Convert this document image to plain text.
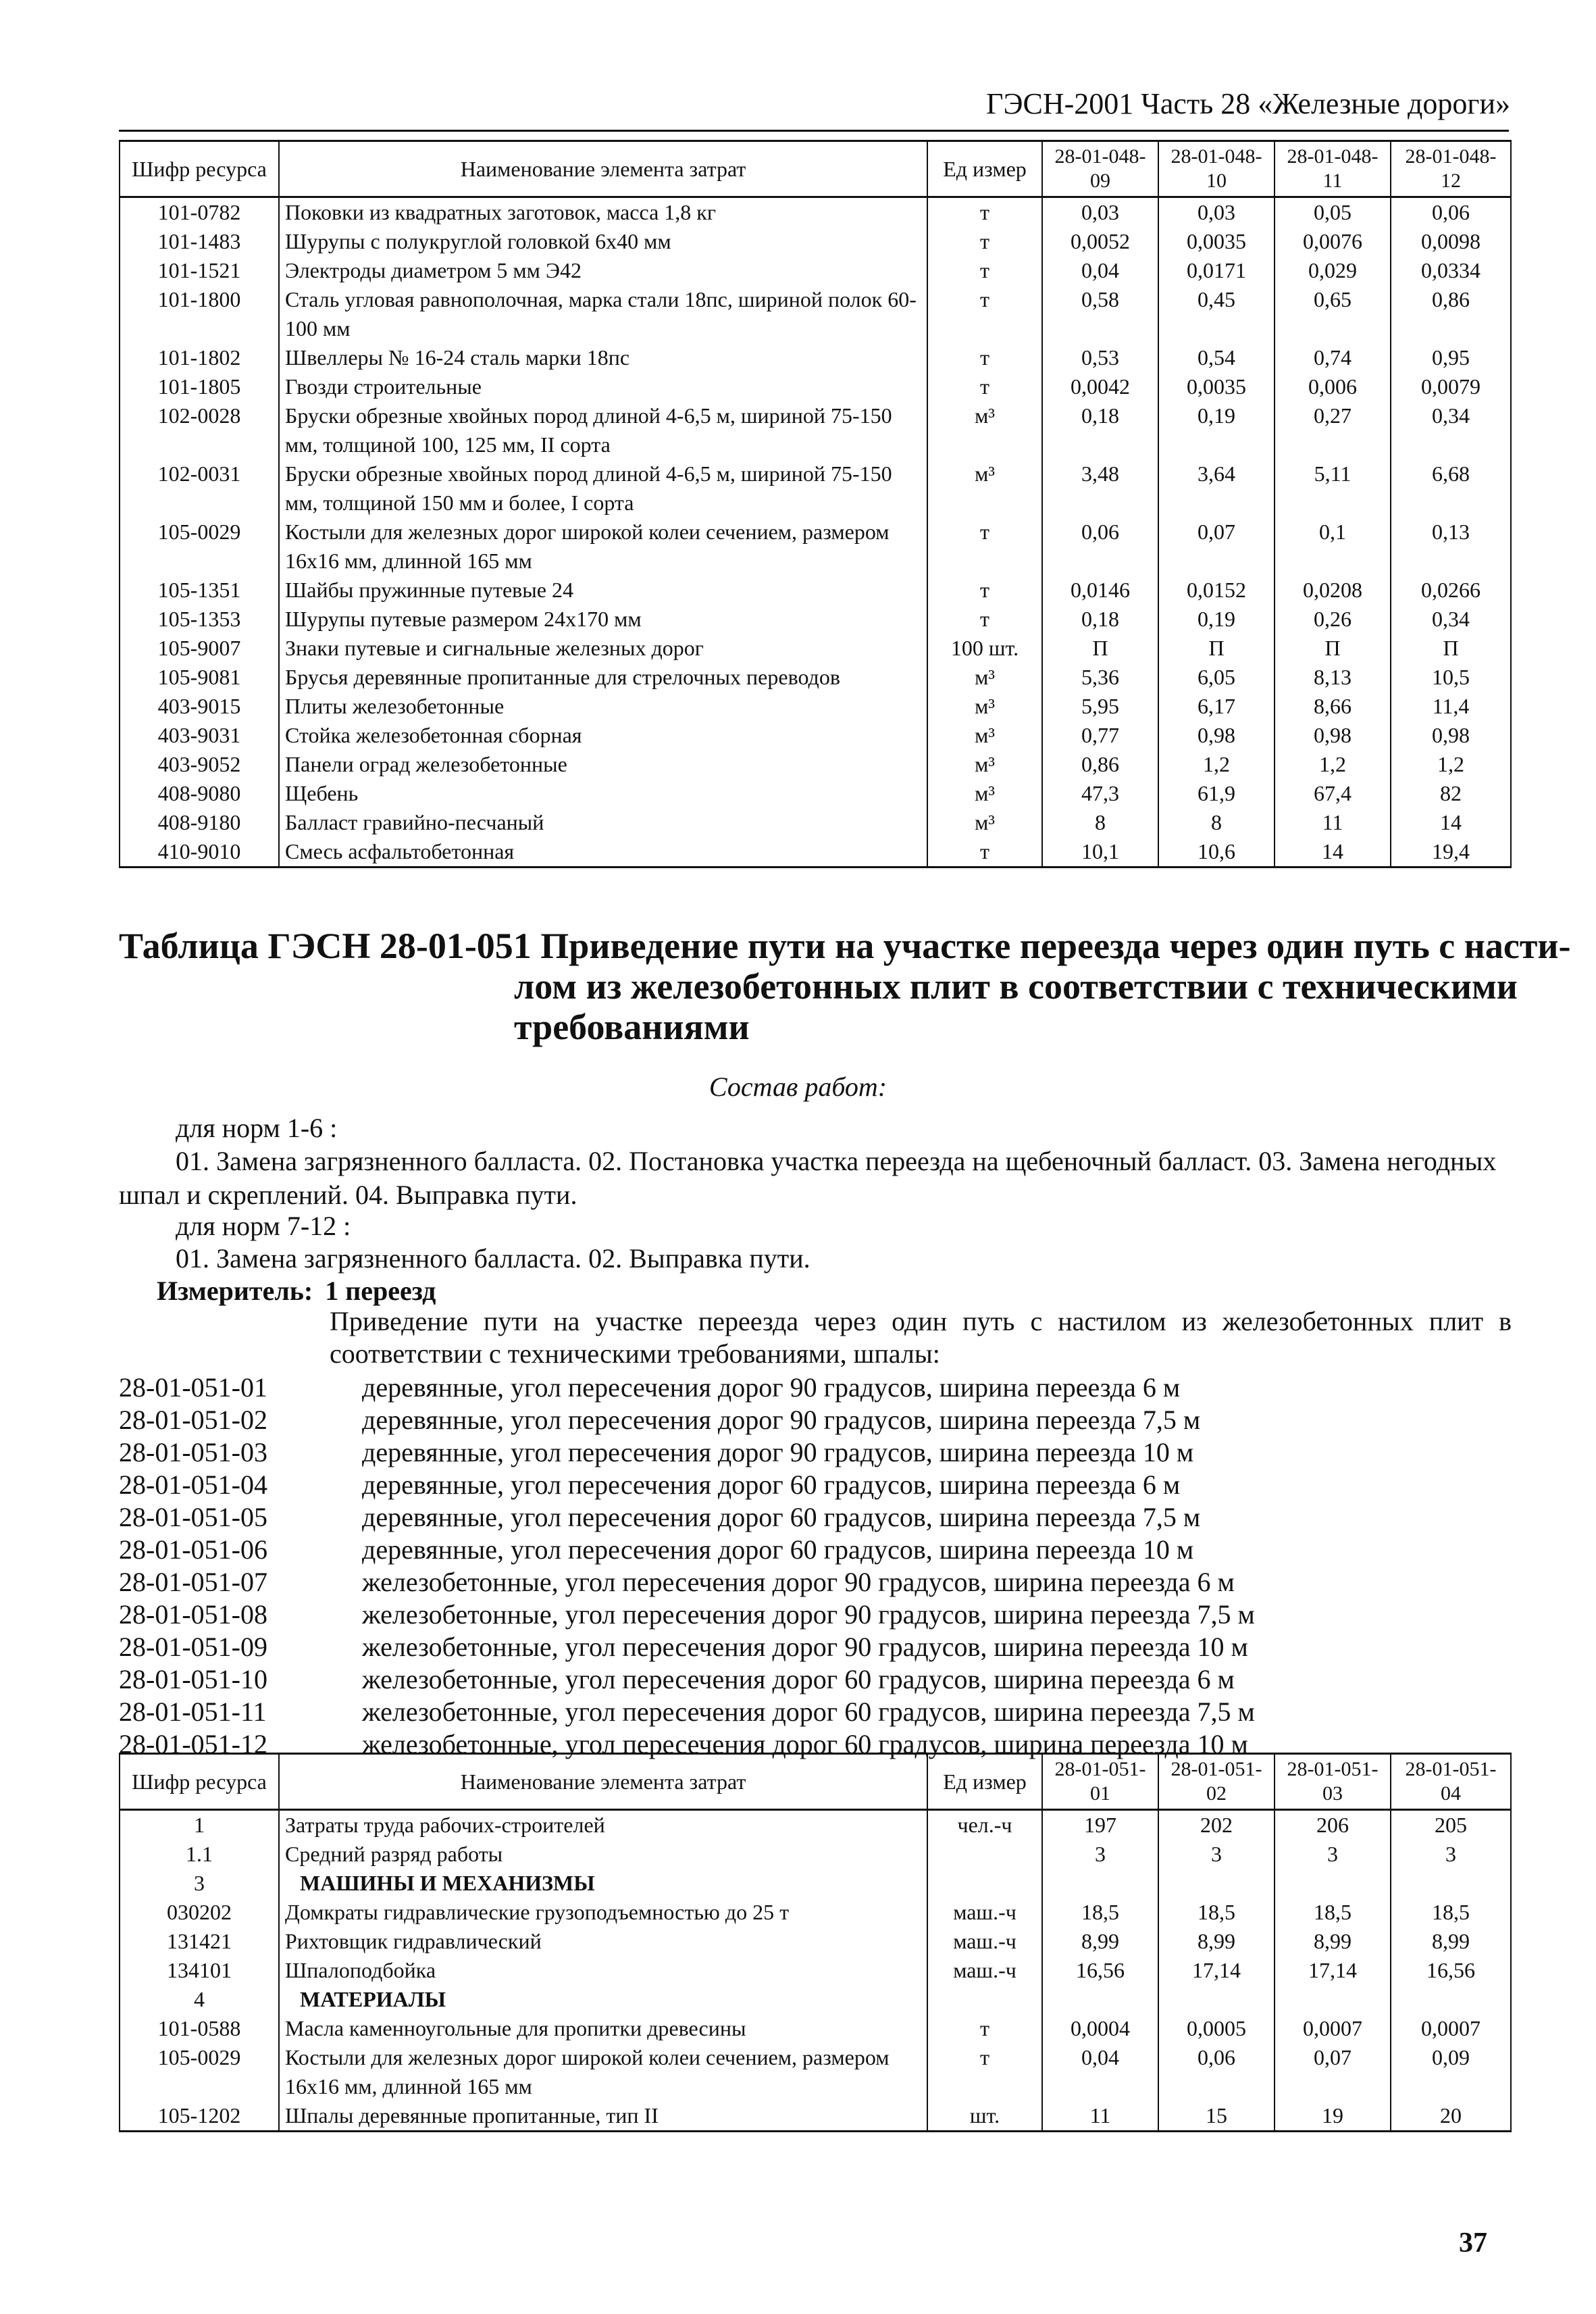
ГЭСН-2001 Часть 28 «Железные дороги»
Шифр ресурса	Наименование элемента затрат	Ед измер	28-01-048-09	28-01-048-10	28-01-048-11	28-01-048-12
101-0782	Поковки из квадратных заготовок, масса 1,8 кг	т	0,03	0,03	0,05	0,06
101-1483	Шурупы с полукруглой головкой 6х40 мм	т	0,0052	0,0035	0,0076	0,0098
101-1521	Электроды диаметром 5 мм Э42	т	0,04	0,0171	0,029	0,0334
101-1800	Сталь угловая равнополочная, марка стали 18пс, шириной полок 60-100 мм	т	0,58	0,45	0,65	0,86
101-1802	Швеллеры № 16-24 сталь марки 18пс	т	0,53	0,54	0,74	0,95
101-1805	Гвозди строительные	т	0,0042	0,0035	0,006	0,0079
102-0028	Бруски обрезные хвойных пород длиной 4-6,5 м, шириной 75-150 мм, толщиной 100, 125 мм, II сорта	м³	0,18	0,19	0,27	0,34
102-0031	Бруски обрезные хвойных пород длиной 4-6,5 м, шириной 75-150 мм, толщиной 150 мм и более, I сорта	м³	3,48	3,64	5,11	6,68
105-0029	Костыли для железных дорог широкой колеи сечением, размером 16х16 мм, длинной 165 мм	т	0,06	0,07	0,1	0,13
105-1351	Шайбы пружинные путевые 24	т	0,0146	0,0152	0,0208	0,0266
105-1353	Шурупы путевые размером 24х170 мм	т	0,18	0,19	0,26	0,34
105-9007	Знаки путевые и сигнальные железных дорог	100 шт.	П	П	П	П
105-9081	Брусья деревянные пропитанные для стрелочных переводов	м³	5,36	6,05	8,13	10,5
403-9015	Плиты железобетонные	м³	5,95	6,17	8,66	11,4
403-9031	Стойка железобетонная сборная	м³	0,77	0,98	0,98	0,98
403-9052	Панели оград железобетонные	м³	0,86	1,2	1,2	1,2
408-9080	Щебень	м³	47,3	61,9	67,4	82
408-9180	Балласт гравийно-песчаный	м³	8	8	11	14
410-9010	Смесь асфальтобетонная	т	10,1	10,6	14	19,4
Таблица ГЭСН 28-01-051 Приведение пути на участке переезда через один путь с насти-
лом из железобетонных плит в соответствии с техническими
требованиями
Состав работ:
для норм 1-6 :

01. Замена загрязненного балласта. 02. Постановка участка переезда на щебеночный балласт. 03. Замена негодных шпал и скреплений. 04. Выправка пути.

для норм 7-12 :
01. Замена загрязненного балласта. 02. Выправка пути.
Измеритель: 1 переезд
Приведение пути на участке переезда через один путь с настилом из железобетонных плит в соответствии с техническими требованиями, шпалы:
28-01-051-01	деревянные, угол пересечения дорог 90 градусов, ширина переезда 6 м
28-01-051-02	деревянные, угол пересечения дорог 90 градусов, ширина переезда 7,5 м
28-01-051-03	деревянные, угол пересечения дорог 90 градусов, ширина переезда 10 м
28-01-051-04	деревянные, угол пересечения дорог 60 градусов, ширина переезда 6 м
28-01-051-05	деревянные, угол пересечения дорог 60 градусов, ширина переезда 7,5 м
28-01-051-06	деревянные, угол пересечения дорог 60 градусов, ширина переезда 10 м
28-01-051-07	железобетонные, угол пересечения дорог 90 градусов, ширина переезда 6 м
28-01-051-08	железобетонные, угол пересечения дорог 90 градусов, ширина переезда 7,5 м
28-01-051-09	железобетонные, угол пересечения дорог 90 градусов, ширина переезда 10 м
28-01-051-10	железобетонные, угол пересечения дорог 60 градусов, ширина переезда 6 м
28-01-051-11	железобетонные, угол пересечения дорог 60 градусов, ширина переезда 7,5 м
28-01-051-12	железобетонные, угол пересечения дорог 60 градусов, ширина переезда 10 м
Шифр ресурса	Наименование элемента затрат	Ед измер	28-01-051-01	28-01-051-02	28-01-051-03	28-01-051-04
1	Затраты труда рабочих-строителей	чел.-ч	197	202	206	205
1.1	Средний разряд работы		3	3	3	3
3	МАШИНЫ И МЕХАНИЗМЫ					
030202	Домкраты гидравлические грузоподъемностью до 25 т	маш.-ч	18,5	18,5	18,5	18,5
131421	Рихтовщик гидравлический	маш.-ч	8,99	8,99	8,99	8,99
134101	Шпалоподбойка	маш.-ч	16,56	17,14	17,14	16,56
4	МАТЕРИАЛЫ					
101-0588	Масла каменноугольные для пропитки древесины	т	0,0004	0,0005	0,0007	0,0007
105-0029	Костыли для железных дорог широкой колеи сечением, размером 16х16 мм, длинной 165 мм	т	0,04	0,06	0,07	0,09
105-1202	Шпалы деревянные пропитанные, тип II	шт.	11	15	19	20
37
